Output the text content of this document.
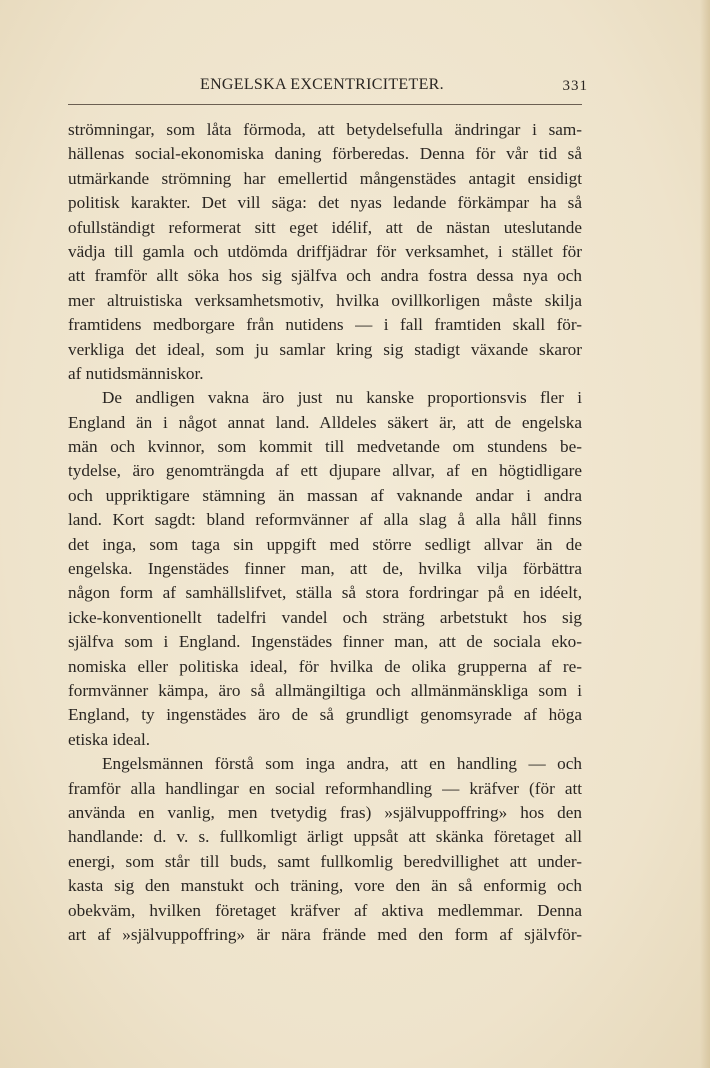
ENGELSKA EXCENTRICITETER.	331
strömningar, som låta förmoda, att betydelsefulla ändringar i sam-
hällenas social-ekonomiska daning förberedas. Denna för vår tid så
utmärkande strömning har emellertid mångenstädes antagit ensidigt
politisk karakter. Det vill säga: det nyas ledande förkämpar ha så
ofullständigt reformerat sitt eget idélif, att de nästan uteslutande
vädja till gamla och utdömda driffjädrar för verksamhet, i stället för
att framför allt söka hos sig själfva och andra fostra dessa nya och
mer altruistiska verksamhetsmotiv, hvilka ovillkorligen måste skilja
framtidens medborgare från nutidens — i fall framtiden skall för-
verkliga det ideal, som ju samlar kring sig stadigt växande skaror
af nutidsmänniskor.
De andligen vakna äro just nu kanske proportionsvis fler i
England än i något annat land. Alldeles säkert är, att de engelska
män och kvinnor, som kommit till medvetande om stundens be-
tydelse, äro genomträngda af ett djupare allvar, af en högtidligare
och uppriktigare stämning än massan af vaknande andar i andra
land. Kort sagdt: bland reformvänner af alla slag å alla håll finns
det inga, som taga sin uppgift med större sedligt allvar än de
engelska. Ingenstädes finner man, att de, hvilka vilja förbättra
någon form af samhällslifvet, ställa så stora fordringar på en idéelt,
icke-konventionellt tadelfri vandel och sträng arbetstukt hos sig
själfva som i England. Ingenstädes finner man, att de sociala eko-
nomiska eller politiska ideal, för hvilka de olika grupperna af re-
formvänner kämpa, äro så allmängiltiga och allmänmänskliga som i
England, ty ingenstädes äro de så grundligt genomsyrade af höga
etiska ideal.
Engelsmännen förstå som inga andra, att en handling — och
framför alla handlingar en social reformhandling — kräfver (för att
använda en vanlig, men tvetydig fras) »självuppoffring» hos den
handlande: d. v. s. fullkomligt ärligt uppsåt att skänka företaget all
energi, som står till buds, samt fullkomlig beredvillighet att under-
kasta sig den manstukt och träning, vore den än så enformig och
obekväm, hvilken företaget kräfver af aktiva medlemmar. Denna
art af »självuppoffring» är nära frände med den form af självför-
